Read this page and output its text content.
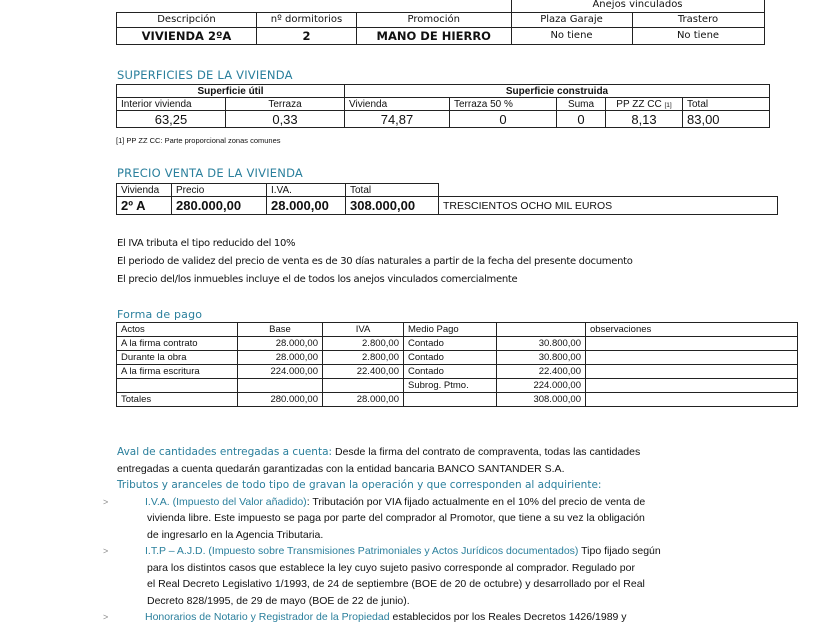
			Anejos vinculados	
Descripción	nº dormitorios	Promoción	Plaza Garaje	Trastero
VIVIENDA 2ºA	2	MANO DE HIERRO	No tiene	No tiene
SUPERFICIES DE LA VIVIENDA
Superficie útil		Superficie construida				
Interior vivienda	Terraza	Vivienda	Terraza 50 %	Suma	PP ZZ CC [1]	Total
63,25	0,33	74,87	0	0	8,13	83,00
[1] PP ZZ CC: Parte proporcional zonas comunes
PRECIO VENTA DE LA VIVIENDA
Vivienda	Precio	I.VA.	Total	
2º A	280.000,00	28.000,00	308.000,00	TRESCIENTOS OCHO MIL EUROS
El IVA tributa el tipo reducido del 10%
El periodo de validez del precio de venta es de 30 días naturales a partir de la fecha del presente documento
El precio del/los inmuebles incluye el de todos los anejos vinculados comercialmente
Forma de pago
Actos	Base	IVA	Medio Pago		observaciones
A la firma contrato	28.000,00	2.800,00	Contado	30.800,00	
Durante la obra	28.000,00	2.800,00	Contado	30.800,00	
A la firma escritura	224.000,00	22.400,00	Contado	22.400,00	
			Subrog. Ptmo.	224.000,00	
Totales	280.000,00	28.000,00		308.000,00	
Aval de cantidades entregadas a cuenta: Desde la firma del contrato de compraventa, todas las cantidades
entregadas a cuenta quedarán garantizadas con la entidad bancaria BANCO SANTANDER S.A.
Tributos y aranceles de todo tipo de gravan la operación y que corresponden al adquiriente:
>	I.V.A. (Impuesto del Valor añadido): Tributación por VIA fijado actualmente en el 10% del precio de venta de
vivienda libre. Este impuesto se paga por parte del comprador al Promotor, que tiene a su vez la obligación
de ingresarlo en la Agencia Tributaria.
>	I.T.P – A.J.D. (Impuesto sobre Transmisiones Patrimoniales y Actos Jurídicos documentados) Tipo fijado según
para los distintos casos que establece la ley cuyo sujeto pasivo corresponde al comprador. Regulado por
el Real Decreto Legislativo 1/1993, de 24 de septiembre (BOE de 20 de octubre) y desarrollado por el Real
Decreto 828/1995, de 29 de mayo (BOE de 22 de junio).
>	Honorarios de Notario y Registrador de la Propiedad establecidos por los Reales Decretos 1426/1989 y
